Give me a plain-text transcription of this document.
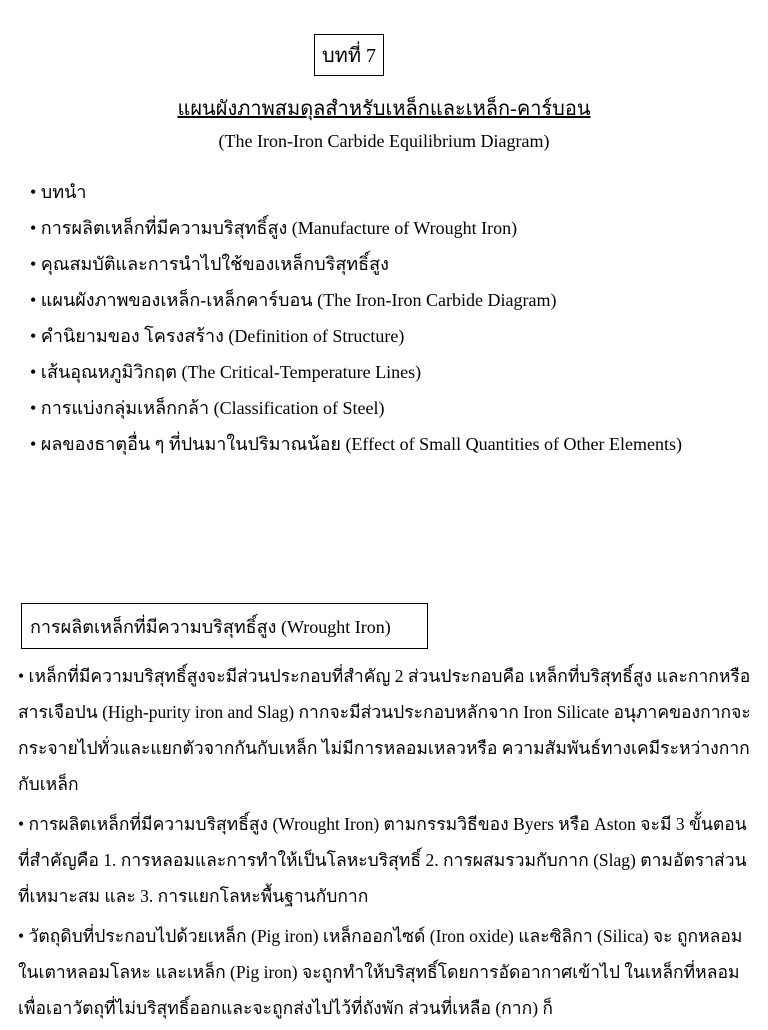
บทที่ 7
แผนผังภาพสมดุลสำหรับเหล็กและเหล็ก-คาร์บอน
(The Iron-Iron Carbide Equilibrium Diagram)
• บทนำ
• การผลิตเหล็กที่มีความบริสุทธิ์สูง (Manufacture of Wrought Iron)
• คุณสมบัติและการนำไปใช้ของเหล็กบริสุทธิ์สูง
• แผนผังภาพของเหล็ก-เหล็กคาร์บอน (The Iron-Iron Carbide Diagram)
• คำนิยามของ โครงสร้าง (Definition of Structure)
• เส้นอุณหภูมิวิกฤต (The Critical-Temperature Lines)
• การแบ่งกลุ่มเหล็กกล้า (Classification of Steel)
• ผลของธาตุอื่น ๆ ที่ปนมาในปริมาณน้อย (Effect of Small Quantities of Other Elements)
การผลิตเหล็กที่มีความบริสุทธิ์สูง (Wrought Iron)

• เหล็กที่มีความบริสุทธิ์สูงจะมีส่วนประกอบที่สำคัญ 2 ส่วนประกอบคือ เหล็กที่บริสุทธิ์สูง และกากหรือสารเจือปน (High-purity iron and Slag) กากจะมีส่วนประกอบหลักจาก Iron Silicate อนุภาคของกากจะกระจายไปทั่วและแยกตัวจากกันกับเหล็ก ไม่มีการหลอมเหลวหรือ ความสัมพันธ์ทางเคมีระหว่างกากกับเหล็ก

• การผลิตเหล็กที่มีความบริสุทธิ์สูง (Wrought Iron) ตามกรรมวิธีของ Byers หรือ Aston จะมี 3 ขั้นตอนที่สำคัญคือ 1. การหลอมและการทำให้เป็นโลหะบริสุทธิ์ 2. การผสมรวมกับกาก (Slag) ตามอัตราส่วนที่เหมาะสม และ 3. การแยกโลหะพื้นฐานกับกาก

• วัตถุดิบที่ประกอบไปด้วยเหล็ก (Pig iron) เหล็กออกไซด์ (Iron oxide) และซิลิกา (Silica) จะ ถูกหลอมในเตาหลอมโลหะ และเหล็ก (Pig iron) จะถูกทำให้บริสุทธิ์โดยการอัดอากาศเข้าไป ในเหล็กที่หลอมเพื่อเอาวัตถุที่ไม่บริสุทธิ์ออกและจะถูกส่งไปไว้ที่ถังพัก ส่วนที่เหลือ (กาก) ก็
